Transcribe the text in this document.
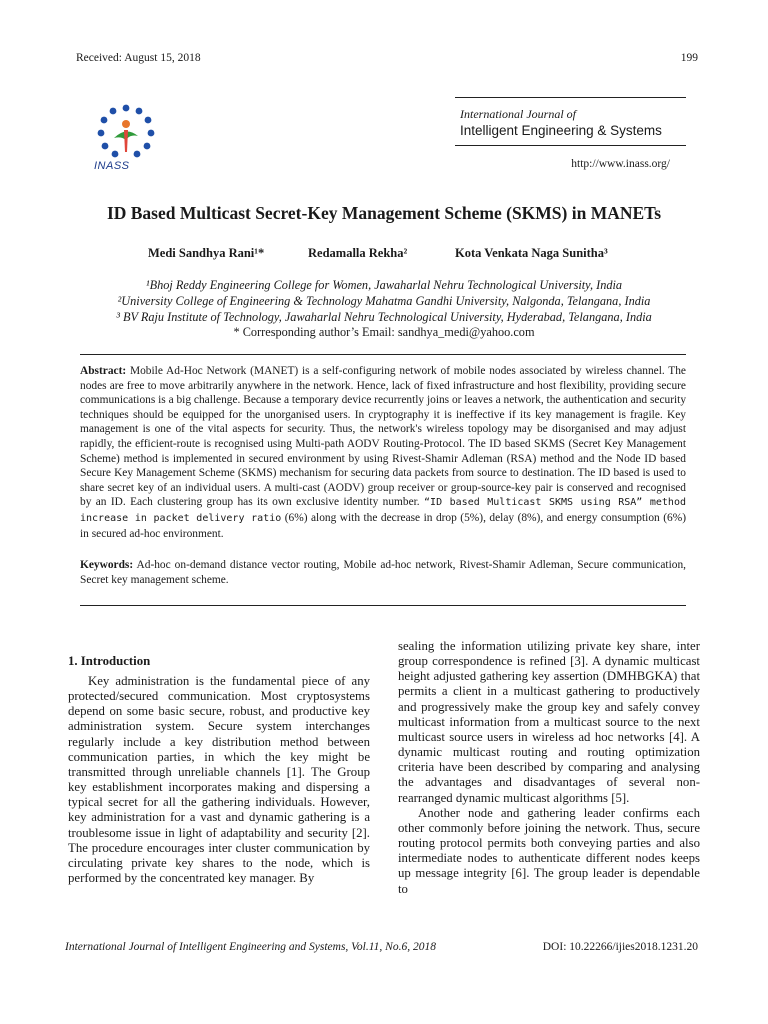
Received: August 15, 2018	199
INASS
International Journal of
Intelligent Engineering & Systems
http://www.inass.org/
ID Based Multicast Secret-Key Management Scheme (SKMS) in MANETs
Medi Sandhya Rani¹*	Redamalla Rekha²	Kota Venkata Naga Sunitha³
¹Bhoj Reddy Engineering College for Women, Jawaharlal Nehru Technological University, India
²University College of Engineering & Technology Mahatma Gandhi University, Nalgonda, Telangana, India
³ BV Raju Institute of Technology, Jawaharlal Nehru Technological University, Hyderabad, Telangana, India
* Corresponding author’s Email: sandhya_medi@yahoo.com
Abstract: Mobile Ad-Hoc Network (MANET) is a self-configuring network of mobile nodes associated by wireless channel. The nodes are free to move arbitrarily anywhere in the network. Hence, lack of fixed infrastructure and host flexibility, providing secure communications is a big challenge. Because a temporary device recurrently joins or leaves a network, the authentication and security techniques should be equipped for the unorganised users. In cryptography it is ineffective if its key management is fragile. Key management is one of the vital aspects for security. Thus, the network's wireless topology may be disorganised and may adjust rapidly, the efficient-route is recognised using Multi-path AODV Routing-Protocol. The ID based SKMS (Secret Key Management Scheme) method is implemented in secured environment by using Rivest-Shamir Adleman (RSA) method and the Node ID based Secure Key Management Scheme (SKMS) mechanism for securing data packets from source to destination. The ID based is used to share secret key of an individual users. A multi-cast (AODV) group receiver or group-source-key pair is conserved and recognised by an ID. Each clustering group has its own exclusive identity number. “ID based Multicast SKMS using RSA” method increase in packet delivery ratio (6%) along with the decrease in drop (5%), delay (8%), and energy consumption (6%) in secured ad-hoc environment.
Keywords: Ad-hoc on-demand distance vector routing, Mobile ad-hoc network, Rivest-Shamir Adleman, Secure communication, Secret key management scheme.
1. Introduction

Key administration is the fundamental piece of any protected/secured communication. Most cryptosystems depend on some basic secure, robust, and productive key administration system. Secure system interchanges regularly include a key distribution method between communication parties, in which the key might be transmitted through unreliable channels [1]. The Group key establishment incorporates making and dispersing a typical secret for all the gathering individuals. However, key administration for a vast and dynamic gathering is a troublesome issue in light of adaptability and security [2]. The procedure encourages inter cluster communication by circulating private key shares to the node, which is performed by the concentrated key manager. By

sealing the information utilizing private key share, inter group correspondence is refined [3]. A dynamic multicast height adjusted gathering key assertion (DMHBGKA) that permits a client in a multicast gathering to productively and progressively make the group key and safely convey multicast information from a multicast source to the next multicast source users in wireless ad hoc networks [4]. A dynamic multicast routing and routing optimization criteria have been described by comparing and analysing the advantages and disadvantages of several non-rearranged dynamic multicast algorithms [5].

Another node and gathering leader confirms each other commonly before joining the network. Thus, secure routing protocol permits both conveying parties and also intermediate nodes to authenticate different nodes keeps up message integrity [6]. The group leader is dependable to

International Journal of Intelligent Engineering and Systems, Vol.11, No.6, 2018	DOI: 10.22266/ijies2018.1231.20
